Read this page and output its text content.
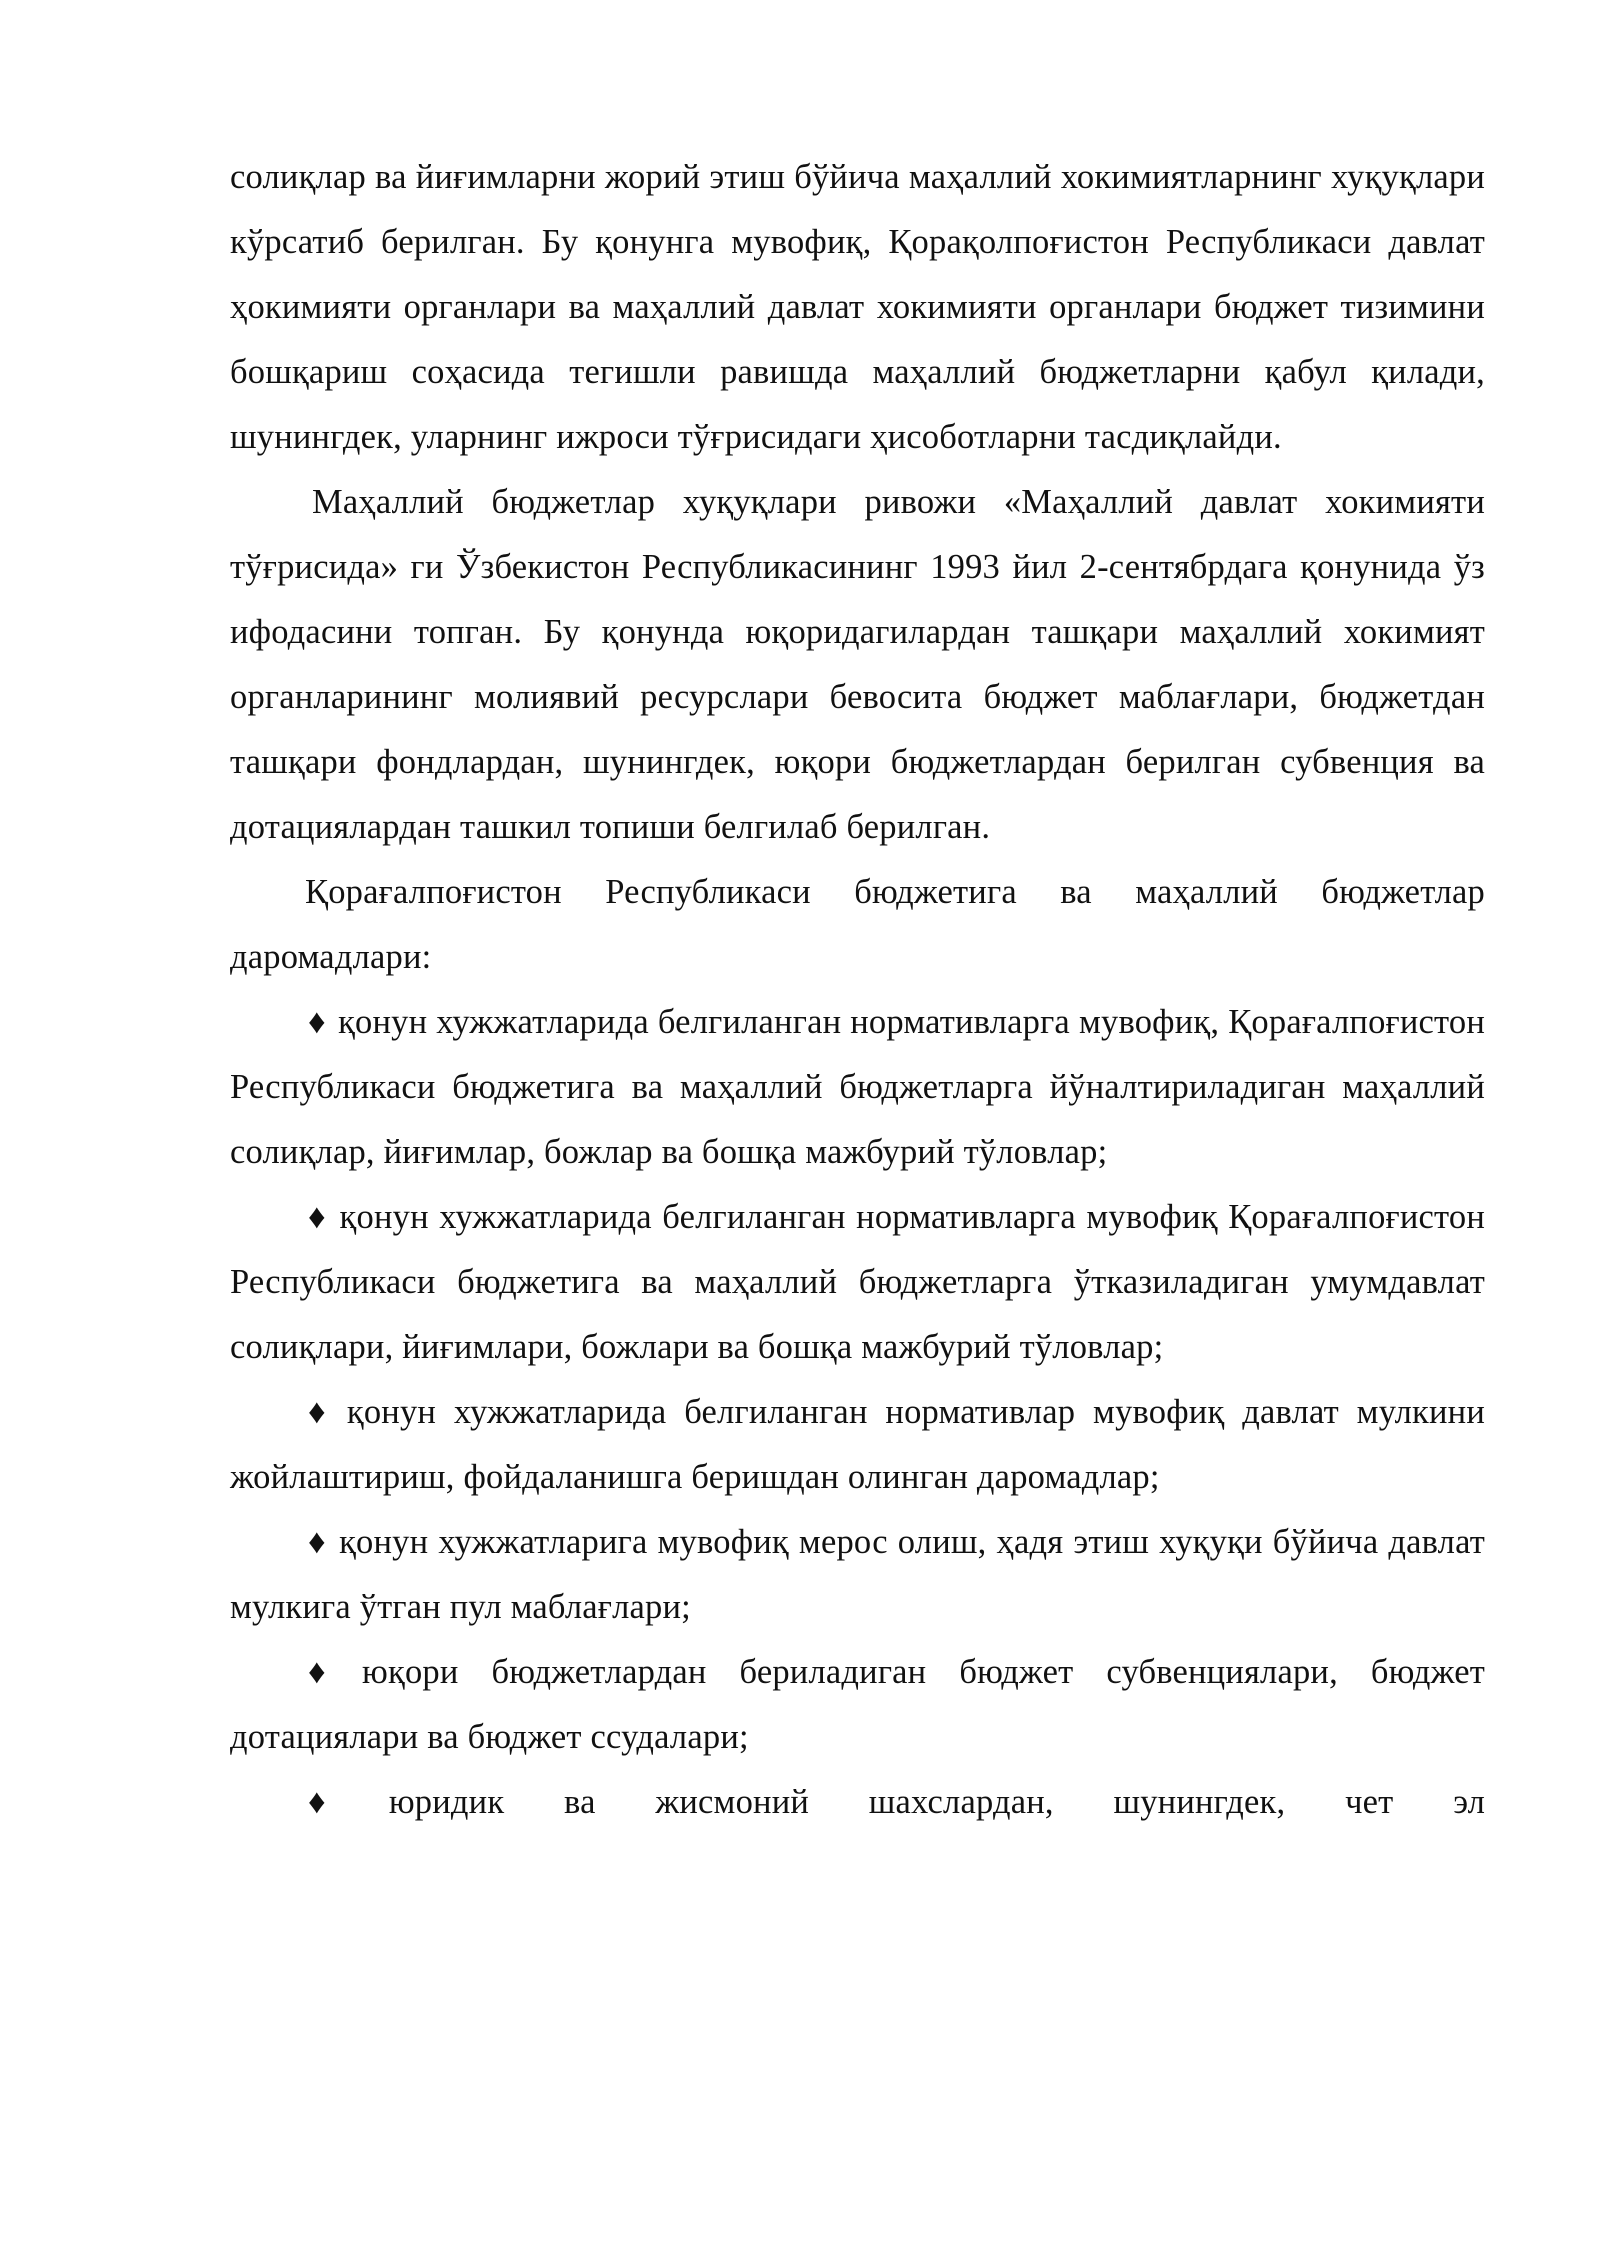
солиқлар ва йиғимларни жорий этиш бўйича маҳаллий хокимиятларнинг хуқуқлари кўрсатиб берилган. Бу қонунга мувофиқ, Қорақолпоғистон Республикаси давлат ҳокимияти органлари ва маҳаллий давлат хокимияти органлари бюджет тизимини бошқариш соҳасида тегишли равишда маҳаллий бюджетларни қабул қилади, шунингдек, уларнинг ижроси тўғрисидаги ҳисоботларни тасдиқлайди.

Маҳаллий бюджетлар хуқуқлари ривожи «Маҳаллий давлат хокимияти тўғрисида» ги Ўзбекистон Республикасининг 1993 йил 2-сентябрдага қонунида ўз ифодасини топган. Бу қонунда юқоридагилардан ташқари маҳаллий хокимият органларининг молиявий ресурслари бевосита бюджет маблағлари, бюджетдан ташқари фондлардан, шунингдек, юқори бюджетлардан берилган субвенция ва дотациялардан ташкил топиши белгилаб берилган.

Қорағалпоғистон Республикаси бюджетига ва маҳаллий бюджетлар даромадлари:

♦ қонун хужжатларида белгиланган нормативларга мувофиқ, Қорағалпоғистон Республикаси бюджетига ва маҳаллий бюджетларга йўналтириладиган маҳаллий солиқлар, йиғимлар, божлар ва бошқа мажбурий тўловлар;

♦ қонун хужжатларида белгиланган нормативларга мувофиқ Қорағалпоғистон Республикаси бюджетига ва маҳаллий бюджетларга ўтказиладиган умумдавлат солиқлари, йиғимлари, божлари ва бошқа мажбурий тўловлар;

♦ қонун хужжатларида белгиланган нормативлар мувофиқ давлат мулкини жойлаштириш, фойдаланишга беришдан олинган даромадлар;

♦ қонун хужжатларига мувофиқ мерос олиш, ҳадя этиш хуқуқи бўйича давлат мулкига ўтган пул маблағлари;

♦ юқори бюджетлардан бериладиган бюджет субвенциялари, бюджет дотациялари ва бюджет ссудалари;

♦ юридик ва жисмоний шахслардан, шунингдек, чет эл
